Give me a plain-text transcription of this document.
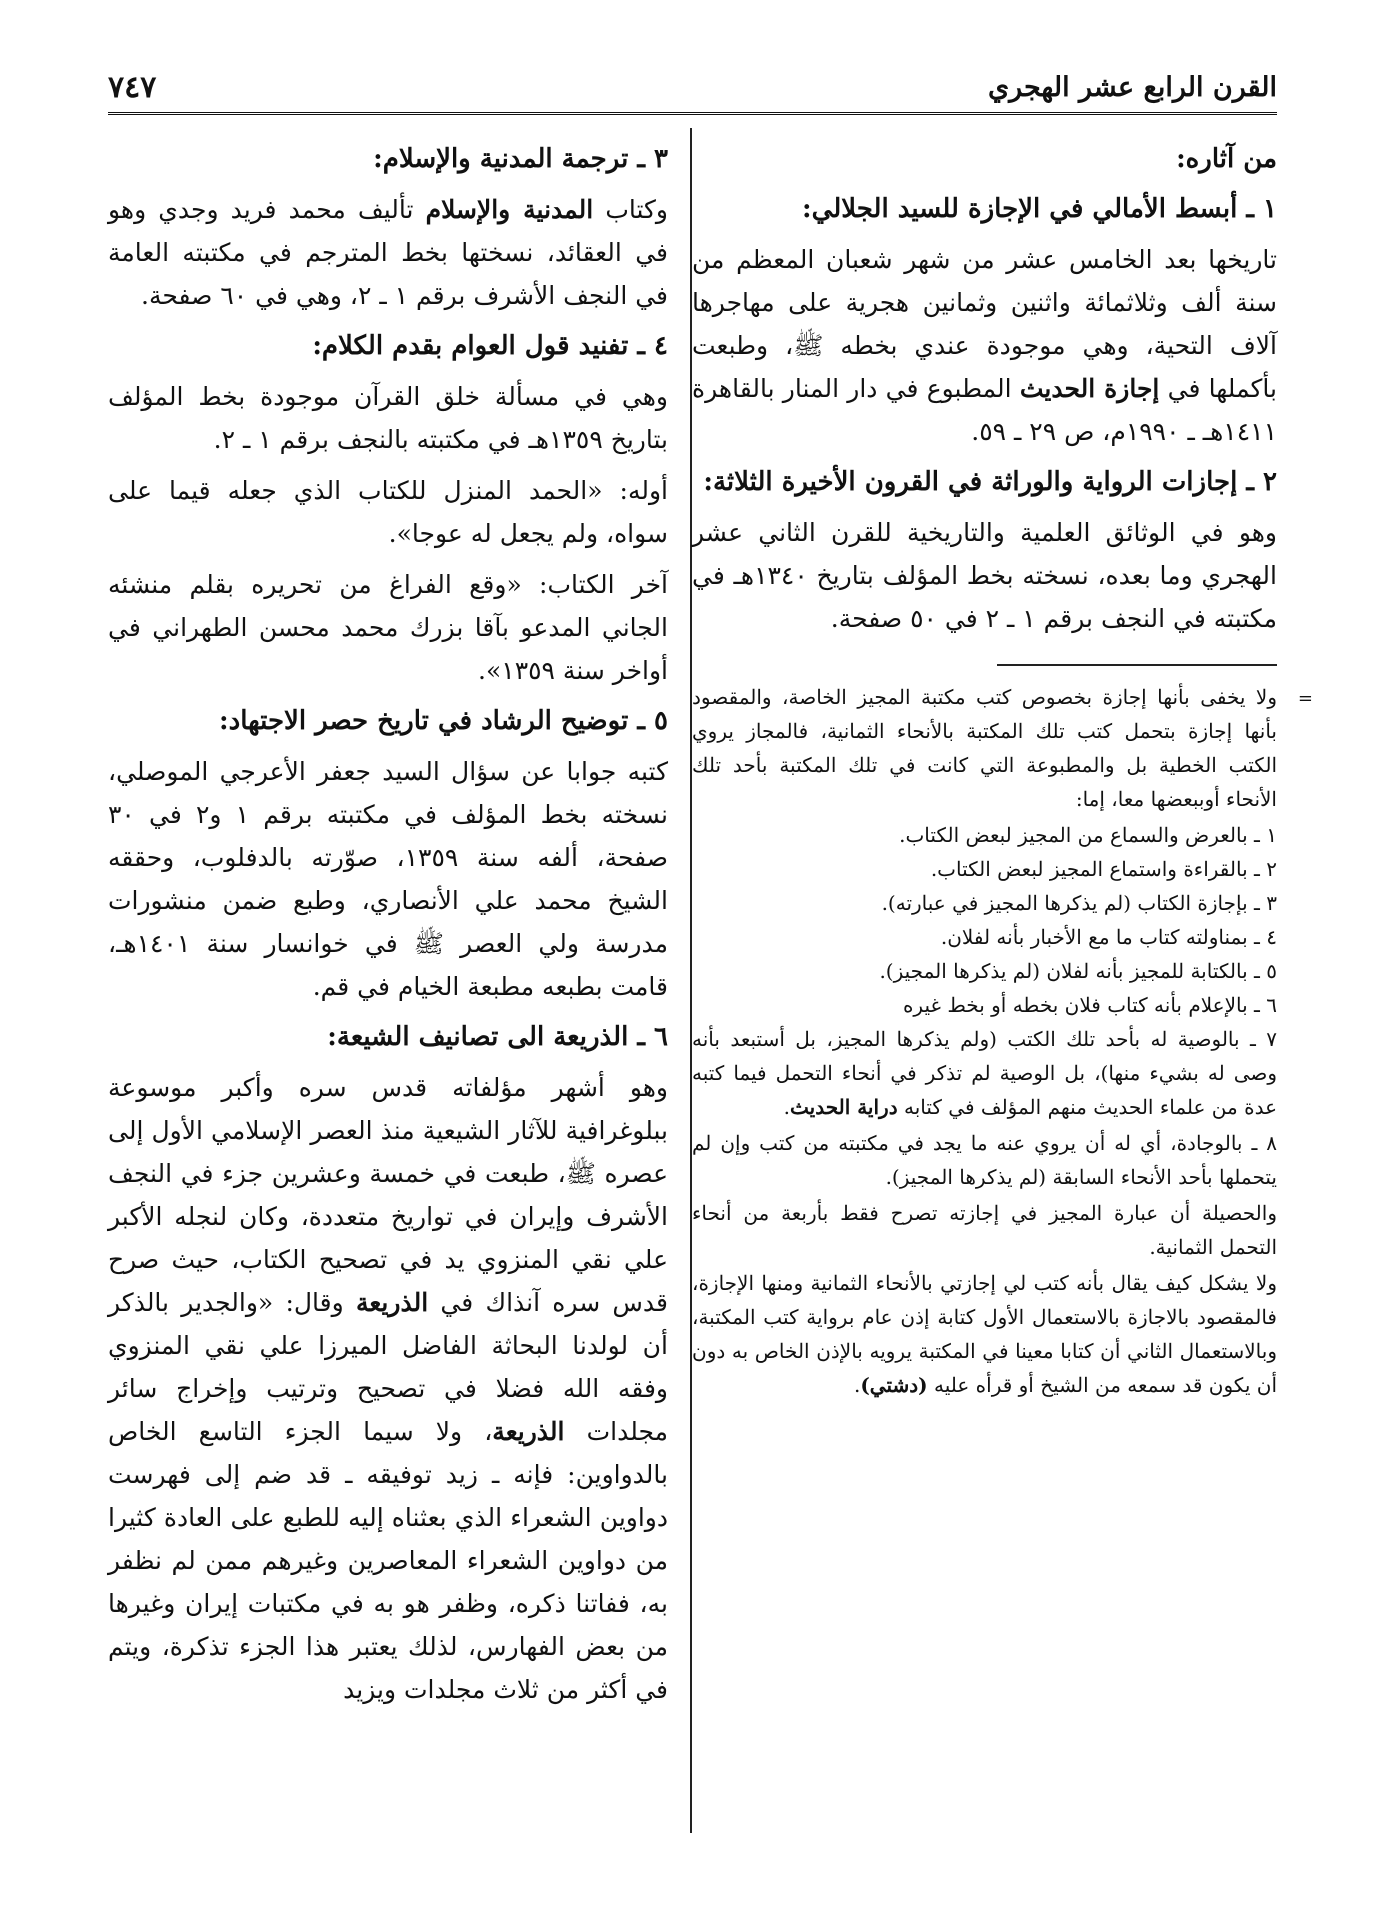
٧٤٧	القرن الرابع عشر الهجري
من آثاره:
١ ـ أبسط الأمالي في الإجازة للسيد الجلالي:

تاريخها بعد الخامس عشر من شهر شعبان المعظم من سنة ألف وثلاثمائة واثنين وثمانين هجرية على مهاجرها آلاف التحية، وهي موجودة عندي بخطه ﷺ، وطبعت بأكملها في إجازة الحديث المطبوع في دار المنار بالقاهرة ١٤١١هـ ـ ١٩٩٠م، ص ٢٩ ـ ٥٩.

٢ ـ إجازات الرواية والوراثة في القرون الأخيرة الثلاثة:

وهو في الوثائق العلمية والتاريخية للقرن الثاني عشر الهجري وما بعده، نسخته بخط المؤلف بتاريخ ١٣٤٠هـ في مكتبته في النجف برقم ١ ـ ٢ في ٥٠ صفحة.

=

ولا يخفى بأنها إجازة بخصوص كتب مكتبة المجيز الخاصة، والمقصود بأنها إجازة بتحمل كتب تلك المكتبة بالأنحاء الثمانية، فالمجاز يروي الكتب الخطية بل والمطبوعة التي كانت في تلك المكتبة بأحد تلك الأنحاء أوببعضها معا، إما:

١ ـ بالعرض والسماع من المجيز لبعض الكتاب.

٢ ـ بالقراءة واستماع المجيز لبعض الكتاب.

٣ ـ بإجازة الكتاب (لم يذكرها المجيز في عبارته).

٤ ـ بمناولته كتاب ما مع الأخبار بأنه لفلان.

٥ ـ بالكتابة للمجيز بأنه لفلان (لم يذكرها المجيز).

٦ ـ بالإعلام بأنه كتاب فلان بخطه أو بخط غيره

٧ ـ بالوصية له بأحد تلك الكتب (ولم يذكرها المجيز، بل أستبعد بأنه وصى له بشيء منها)، بل الوصية لم تذكر في أنحاء التحمل فيما كتبه عدة من علماء الحديث منهم المؤلف في كتابه دراية الحديث.

٨ ـ بالوجادة، أي له أن يروي عنه ما يجد في مكتبته من كتب وإن لم يتحملها بأحد الأنحاء السابقة (لم يذكرها المجيز).

والحصيلة أن عبارة المجيز في إجازته تصرح فقط بأربعة من أنحاء التحمل الثمانية.

ولا يشكل كيف يقال بأنه كتب لي إجازتي بالأنحاء الثمانية ومنها الإجازة، فالمقصود بالاجازة بالاستعمال الأول كتابة إذن عام برواية كتب المكتبة، وبالاستعمال الثاني أن كتابا معينا في المكتبة يرويه بالإذن الخاص به دون أن يكون قد سمعه من الشيخ أو قرأه عليه (دشتي).

٣ ـ ترجمة المدنية والإسلام:

وكتاب المدنية والإسلام تأليف محمد فريد وجدي وهو في العقائد، نسختها بخط المترجم في مكتبته العامة في النجف الأشرف برقم ١ ـ ٢، وهي في ٦٠ صفحة.

٤ ـ تفنيد قول العوام بقدم الكلام:

وهي في مسألة خلق القرآن موجودة بخط المؤلف بتاريخ ١٣٥٩هـ في مكتبته بالنجف برقم ١ ـ ٢.

أوله: «الحمد المنزل للكتاب الذي جعله قيما على سواه، ولم يجعل له عوجا».

آخر الكتاب: «وقع الفراغ من تحريره بقلم منشئه الجاني المدعو بآقا بزرك محمد محسن الطهراني في أواخر سنة ١٣٥٩».

٥ ـ توضيح الرشاد في تاريخ حصر الاجتهاد:

كتبه جوابا عن سؤال السيد جعفر الأعرجي الموصلي، نسخته بخط المؤلف في مكتبته برقم ١ و٢ في ٣٠ صفحة، ألفه سنة ١٣٥٩، صوّرته بالدفلوب، وحققه الشيخ محمد علي الأنصاري، وطبع ضمن منشورات مدرسة ولي العصر ﷺ في خوانسار سنة ١٤٠١هـ، قامت بطبعه مطبعة الخيام في قم.

٦ ـ الذريعة الى تصانيف الشيعة:

وهو أشهر مؤلفاته قدس سره وأكبر موسوعة ببلوغرافية للآثار الشيعية منذ العصر الإسلامي الأول إلى عصره ﷺ، طبعت في خمسة وعشرين جزء في النجف الأشرف وإيران في تواريخ متعددة، وكان لنجله الأكبر علي نقي المنزوي يد في تصحيح الكتاب، حيث صرح قدس سره آنذاك في الذريعة وقال: «والجدير بالذكر أن لولدنا البحاثة الفاضل الميرزا علي نقي المنزوي وفقه الله فضلا في تصحيح وترتيب وإخراج سائر مجلدات الذريعة، ولا سيما الجزء التاسع الخاص بالدواوين: فإنه ـ زيد توفيقه ـ قد ضم إلى فهرست دواوين الشعراء الذي بعثناه إليه للطبع على العادة كثيرا من دواوين الشعراء المعاصرين وغيرهم ممن لم نظفر به، ففاتنا ذكره، وظفر هو به في مكتبات إيران وغيرها من بعض الفهارس، لذلك يعتبر هذا الجزء تذكرة، ويتم في أكثر من ثلاث مجلدات ويزيد
